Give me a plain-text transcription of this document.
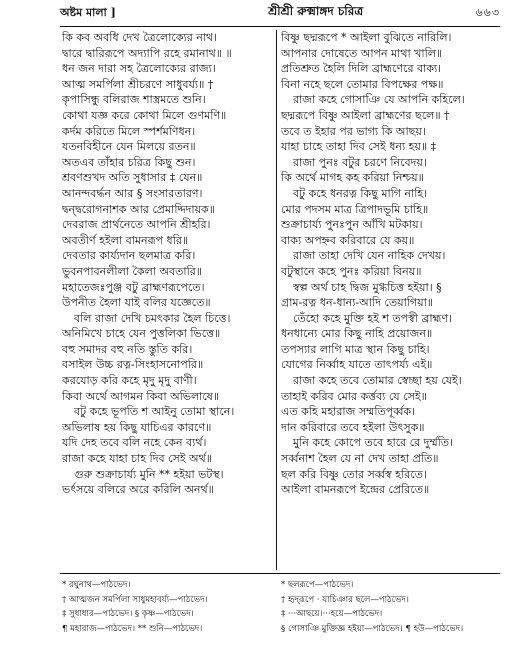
অষ্টম মালা ]	শ্রীশ্রী রুক্মাঙ্গদ চরিত্র	৬৬৩
কি কব অবধি দেখ ত্রৈলোক্যের নাথ।
দ্বারে দ্বারিরূপে অদ্যাপি রহে রমানাথ॥ ॥
ধন জন দারা সহ ত্রৈলোক্যের রাজ্য।
আত্ম সমর্পিলা শ্রীচরণে সাধুবর্য্য॥ †
কৃপাসিন্ধু বলিরাজ শাস্ত্রমতে শুনি।
কোথা যজ্ঞ করে কোথা মিলে গুণমণি॥
কর্দম করিতে মিলে স্পর্শমণিধন।
যতনবিহীনে যেন মিলয়ে রতন॥
অতএব তাঁহার চরিত্র কিছু শুন।
শ্রবণশুখদ অতি সুধাসার ‡ যেন॥
আনন্দবর্দ্ধন আর § সংসারতারণ।
দ্বন্দ্বরোগনাশক আর প্রেমাদ্দিদায়ক॥
দেবরাজ প্রার্থনেতে আপনি শ্রীহরি।
অবতীর্ণ হইলা বামনরূপ ধরি॥
দেবতার কার্য্যদান ছলমাত্র করি।
ভুবনপাবনলীলা কৈলা অবতারি॥
মহাতেজঃপুঞ্জ বটু ব্রাহ্মণরূপেতে।
উপনীত হৈলা যাই বলির যজ্ঞেতে॥
বলি রাজা দেখি চমৎকার হৈল চিত্তে।
অনিমিখে চাহে যেন পুত্তলিকা ভিত্তে॥
বহু সমাদর বহু নতি স্তুতি করি।
বসাইল উচ্চ রত্ন-সিংহাসনোপরি॥
করযোড় করি কহে মৃদু মৃদু বাণী।
কিবা অর্থে আগমন কিবা অভিলাষে॥
বটু কহে ভূপতি শ আইনু তোমা স্থানে।
অভিলাষ হয় কিছু যাচিএর কারণে॥
যদি দেহ তবে বলি নহে কেন ব্যর্থ।
রাজা কহে যাহা চাহ দিব সেই অর্থ॥
গুরু শুক্রাচার্য্য মুনি ** হইয়া ভটস্থ।
ভর্ৎসয়ে বলিরে অরে করিলি অনর্থ॥
বিষ্ণু ছদ্মরূপে * আইলা বুঝিতে নারিলি।
আপনার দোষেতে আপন মাথা খালি॥
প্রতিশ্রুত হৈলি দিলি ব্রাহ্মণেরে বাক্য।
বিনা নহে ছলে তোমার বিপক্ষের পক্ষ॥
রাজা কহে গোসাঞি যে আপনি কহিলে।
ছদ্মরূপে বিষ্ণু আইলা ব্রাহ্মণের ছলে॥ †
তবে ত ইহার পর ভাগ্য কি আছয়।
যাহা চাহে তাহা দিব সেই ধন্য হয়॥ ‡
রাজা পুনঃ বটুর চরণে নিবেদয়।
কি অর্থে মাগহ কহ করিয়া নিশ্চয়॥
বটু কহে ধনরত্ন কিছু মাগি নাহি।
মোর পদসম মাত্র ত্রিপাদভূমি চাহি॥
শুক্রাচার্য্য পুনঃপুন আঁখি মটকায়।
বাক্য অপহ্নব করিবারে যে কয়॥
রাজা তাহা দেখি যেন নাহিক দেখয়।
বটুস্থানে কহে পুনঃ করিয়া বিনয়॥
স্বল্প অর্থ চাহ দ্বিজ মুগ্ধচিত্ত হইয়া। §
গ্রাম-রত্ন ধন-ধান্য-আদি তেয়াগিয়া॥
তেঁহো কহে মুক্তি হই শ তপস্বী ব্রাহ্মণ।
ধনধান্যে মোর কিছু নাহি প্রয়োজন॥
তপস্যার লাগি মাত্র স্থান কিছু চাহি।
যোগের নির্ব্বাহ যাতে তাৎপর্য্য এই॥
রাজা কহে তবে তোমার স্বেচ্ছা হয় যেই।
তাহাই করিব মোর কর্ত্তব্য যে সেই॥
এত কহি মহারাজ সম্মতিপূর্ব্বক।
দান করিবারে তবে হইলা উৎসুক॥
মুনি কহে কোপে তবে হারে রে দুর্ম্মতি।
সর্ব্বনাশ হৈল যে না দেখ তাহা প্রতি॥
ছল করি বিষ্ণু তোর সর্ব্বস্ব হরিতে।
আইলা বামনরূপে ইন্দ্রের প্রেরিতে॥
* রঘুনাথ—পাঠভেদ।
† আত্মজন সমর্পিলা সাধুমহাবর্য্য—পাঠভেদ।
‡ সুধাধার—পাঠভেদ। § কৃষ্ণ—পাঠভেদ।
¶ মহারাজ—পাঠভেদ। ** শুনি—পাঠভেদ।
* ছলরূপে—পাঠভেদ।
† হৃদ্‌রূপে · যাচিঞার ছলে—পাঠভেদ।
‡ ···আছয়ে।···হয়ে—পাঠভেদ।
§ গোসাঞি মুক্তিজ্ঞ হইয়া—পাঠভেদ। ¶ হউ—পাঠভেদ।
